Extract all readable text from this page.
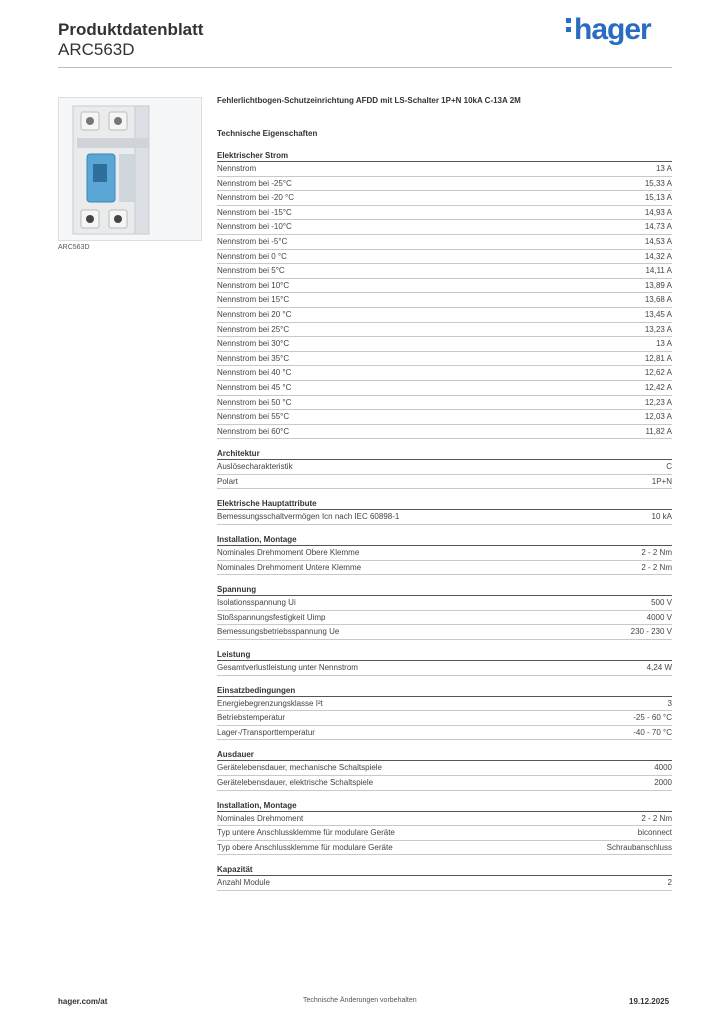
Produktdatenblatt
ARC563D
hager
ARC563D
Fehlerlichtbogen-Schutzeinrichtung AFDD mit LS-Schalter 1P+N 10kA C-13A 2M
Technische Eigenschaften
Elektrischer Strom
Nennstrom	13 A
Nennstrom bei -25°C	15,33 A
Nennstrom bei -20 °C	15,13 A
Nennstrom bei -15°C	14,93 A
Nennstrom bei -10°C	14,73 A
Nennstrom bei -5°C	14,53 A
Nennstrom bei 0 °C	14,32 A
Nennstrom bei 5°C	14,11 A
Nennstrom bei 10°C	13,89 A
Nennstrom bei 15°C	13,68 A
Nennstrom bei 20 °C	13,45 A
Nennstrom bei 25°C	13,23 A
Nennstrom bei 30°C	13 A
Nennstrom bei 35°C	12,81 A
Nennstrom bei 40 °C	12,62 A
Nennstrom bei 45 °C	12,42 A
Nennstrom bei 50 °C	12,23 A
Nennstrom bei 55°C	12,03 A
Nennstrom bei 60°C	11,82 A
Architektur
Auslösecharakteristik	C
Polart	1P+N
Elektrische Hauptattribute
Bemessungsschaltvermögen Icn nach IEC 60898-1	10 kA
Installation, Montage
Nominales Drehmoment Obere Klemme	2 - 2 Nm
Nominales Drehmoment Untere Klemme	2 - 2 Nm
Spannung
Isolationsspannung Ui	500 V
Stoßspannungsfestigkeit Uimp	4000 V
Bemessungsbetriebsspannung Ue	230 - 230 V
Leistung
Gesamtverlustleistung unter Nennstrom	4,24 W
Einsatzbedingungen
Energiebegrenzungsklasse I²t	3
Betriebstemperatur	-25 - 60 °C
Lager-/Transporttemperatur	-40 - 70 °C
Ausdauer
Gerätelebensdauer, mechanische Schaltspiele	4000
Gerätelebensdauer, elektrische Schaltspiele	2000
Installation, Montage
Nominales Drehmoment	2 - 2 Nm
Typ untere Anschlussklemme für modulare Geräte	biconnect
Typ obere Anschlussklemme für modulare Geräte	Schraubanschluss
Kapazität
Anzahl Module	2
hager.com/at	Technische Änderungen vorbehalten	19.12.2025
